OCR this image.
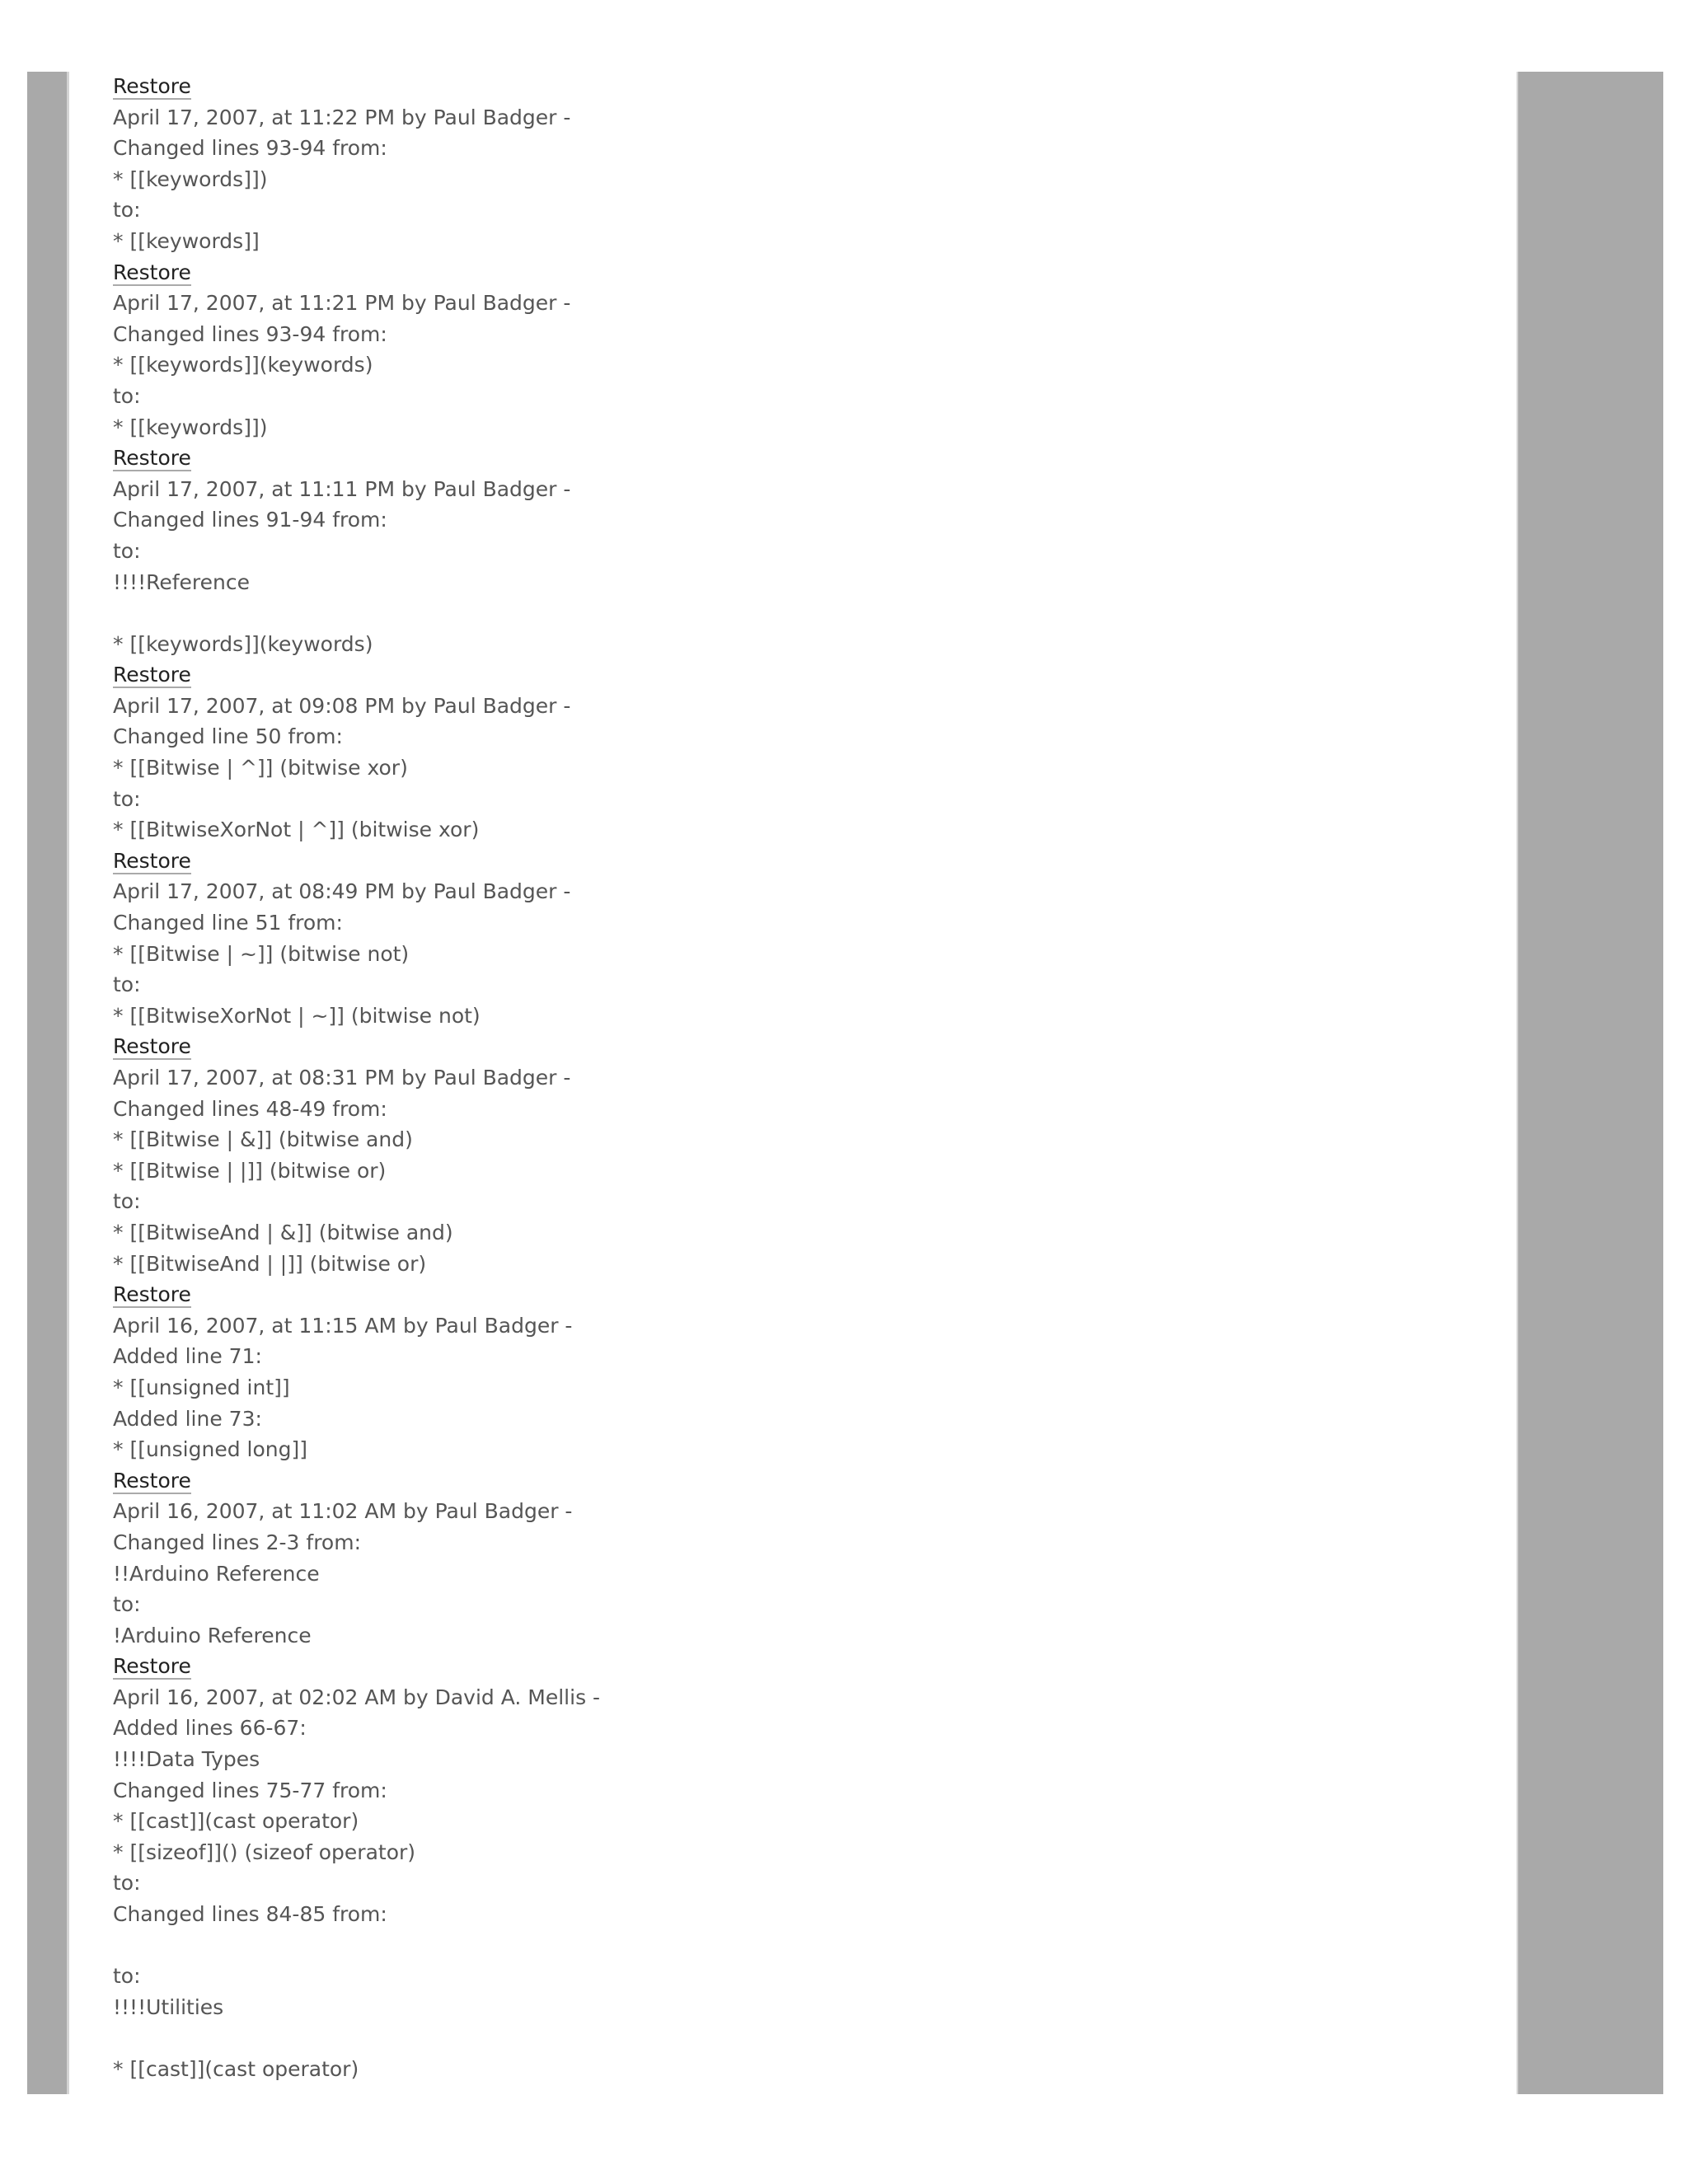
Restore
April 17, 2007, at 11:22 PM by Paul Badger -
Changed lines 93-94 from:
* [[keywords]])
to:
* [[keywords]]
Restore
April 17, 2007, at 11:21 PM by Paul Badger -
Changed lines 93-94 from:
* [[keywords]](keywords)
to:
* [[keywords]])
Restore
April 17, 2007, at 11:11 PM by Paul Badger -
Changed lines 91-94 from:
to:
!!!!Reference
* [[keywords]](keywords)
Restore
April 17, 2007, at 09:08 PM by Paul Badger -
Changed line 50 from:
* [[Bitwise | ^]] (bitwise xor)
to:
* [[BitwiseXorNot | ^]] (bitwise xor)
Restore
April 17, 2007, at 08:49 PM by Paul Badger -
Changed line 51 from:
* [[Bitwise | ~]] (bitwise not)
to:
* [[BitwiseXorNot | ~]] (bitwise not)
Restore
April 17, 2007, at 08:31 PM by Paul Badger -
Changed lines 48-49 from:
* [[Bitwise | &]] (bitwise and)
* [[Bitwise | |]] (bitwise or)
to:
* [[BitwiseAnd | &]] (bitwise and)
* [[BitwiseAnd | |]] (bitwise or)
Restore
April 16, 2007, at 11:15 AM by Paul Badger -
Added line 71:
* [[unsigned int]]
Added line 73:
* [[unsigned long]]
Restore
April 16, 2007, at 11:02 AM by Paul Badger -
Changed lines 2-3 from:
!!Arduino Reference
to:
!Arduino Reference
Restore
April 16, 2007, at 02:02 AM by David A. Mellis -
Added lines 66-67:
!!!!Data Types
Changed lines 75-77 from:
* [[cast]](cast operator)
* [[sizeof]]() (sizeof operator)
to:
Changed lines 84-85 from:
to:
!!!!Utilities
* [[cast]](cast operator)
